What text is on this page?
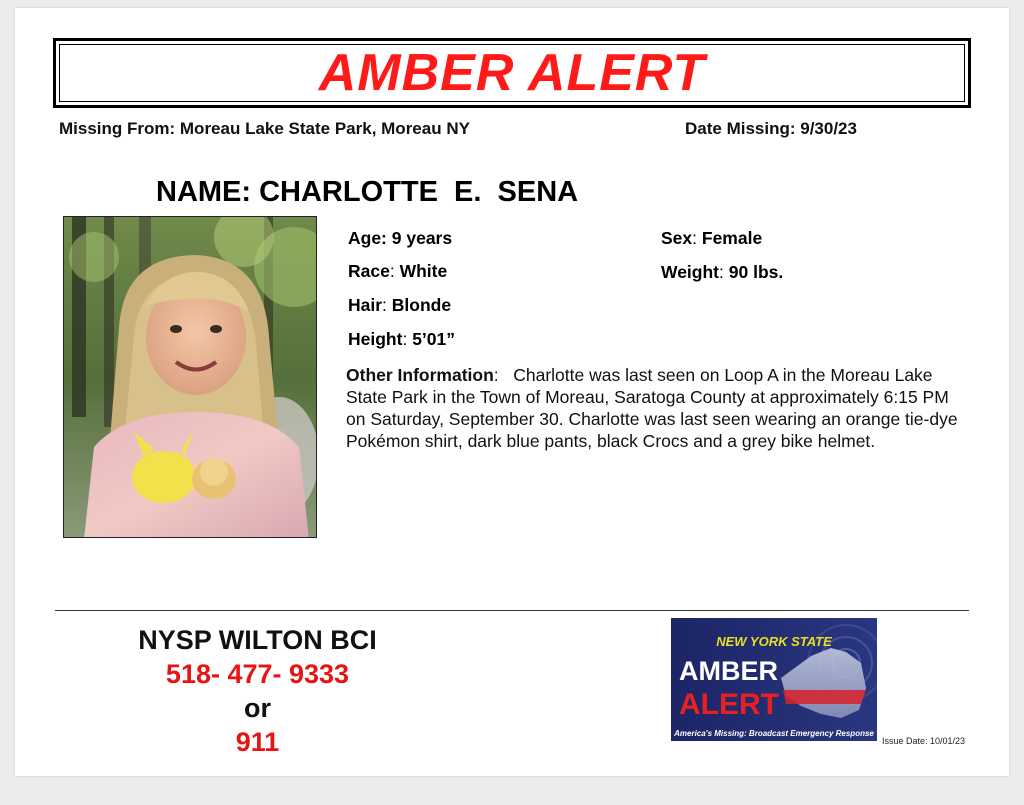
AMBER ALERT
Missing From: Moreau Lake State Park, Moreau NY	Date Missing: 9/30/23
NAME: CHARLOTTE  E.  SENA
Age: 9 years
Race: White
Hair: Blonde
Height: 5’01”
Sex: Female
Weight: 90 lbs.
Other Information:   Charlotte was last seen on Loop A in the Moreau Lake State Park in the Town of Moreau, Saratoga County at approximately 6:15 PM on Saturday, September 30. Charlotte was last seen wearing an orange tie-dye Pokémon shirt, dark blue pants, black Crocs and a grey bike helmet.
NYSP WILTON BCI
518- 477- 9333
or
911
NEW YORK STATE
AMBER
ALERT
America's Missing: Broadcast Emergency Response
Issue Date: 10/01/23
